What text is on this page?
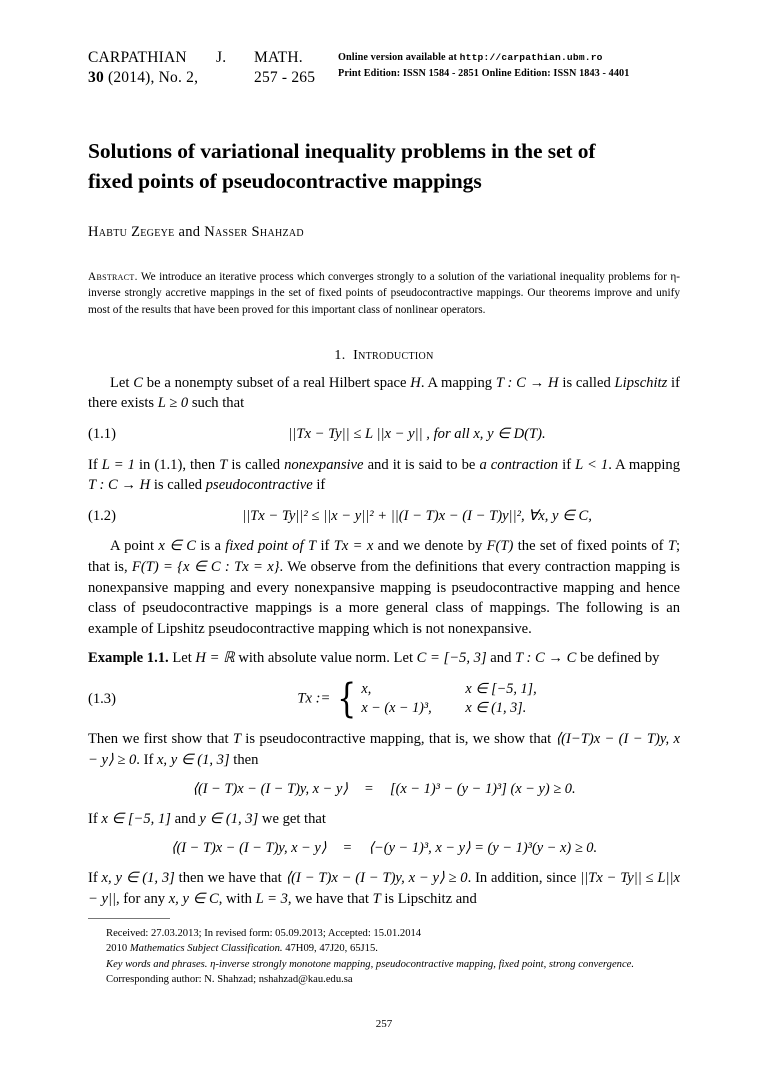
CARPATHIAN	J.	MATH.
30 (2014), No. 2,	257 - 265
Online version available at http://carpathian.ubm.ro
Print Edition: ISSN 1584 - 2851 Online Edition: ISSN 1843 - 4401
Solutions of variational inequality problems in the set of
fixed points of pseudocontractive mappings
Habtu Zegeye and Nasser Shahzad
Abstract. We introduce an iterative process which converges strongly to a solution of the variational inequality problems for η-inverse strongly accretive mappings in the set of fixed points of pseudocontractive mappings. Our theorems improve and unify most of the results that have been proved for this important class of nonlinear operators.
1. Introduction

Let C be a nonempty subset of a real Hilbert space H. A mapping T : C → H is called Lipschitz if there exists L ≥ 0 such that

(1.1)	||Tx − Ty|| ≤ L ||x − y|| , for all x, y ∈ D(T).

If L = 1 in (1.1), then T is called nonexpansive and it is said to be a contraction if L < 1. A mapping T : C → H is called pseudocontractive if

(1.2)	||Tx − Ty||² ≤ ||x − y||² + ||(I − T)x − (I − T)y||², ∀x, y ∈ C,

A point x ∈ C is a fixed point of T if Tx = x and we denote by F(T) the set of fixed points of T; that is, F(T) = {x ∈ C : Tx = x}. We observe from the definitions that every contraction mapping is nonexpansive mapping and every nonexpansive mapping is pseudocontractive mapping and hence class of pseudocontractive mappings is a more general class of mappings. The following is an example of Lipshitz pseudocontractive mapping which is not nonexpansive.

Example 1.1. Let H = ℝ with absolute value norm. Let C = [−5, 3] and T : C → C be defined by

(1.3)	Tx := { x,	x ∈ [−5, 1],
x − (x − 1)³,	x ∈ (1, 3].

Then we first show that T is pseudocontractive mapping, that is, we show that ⟨(I−T)x − (I − T)y, x − y⟩ ≥ 0. If x, y ∈ (1, 3] then

⟨(I − T)x − (I − T)y, x − y⟩	=	[(x − 1)³ − (y − 1)³] (x − y) ≥ 0.

If x ∈ [−5, 1] and y ∈ (1, 3] we get that

⟨(I − T)x − (I − T)y, x − y⟩	=	⟨−(y − 1)³, x − y⟩ = (y − 1)³(y − x) ≥ 0.

If x, y ∈ (1, 3] then we have that ⟨(I − T)x − (I − T)y, x − y⟩ ≥ 0. In addition, since ||Tx − Ty|| ≤ L||x − y||, for any x, y ∈ C, with L = 3, we have that T is Lipschitz and

Received: 27.03.2013; In revised form: 05.09.2013; Accepted: 15.01.2014
2010 Mathematics Subject Classification. 47H09, 47J20, 65J15.
Key words and phrases. η-inverse strongly monotone mapping, pseudocontractive mapping, fixed point, strong convergence.
Corresponding author: N. Shahzad; nshahzad@kau.edu.sa
257
